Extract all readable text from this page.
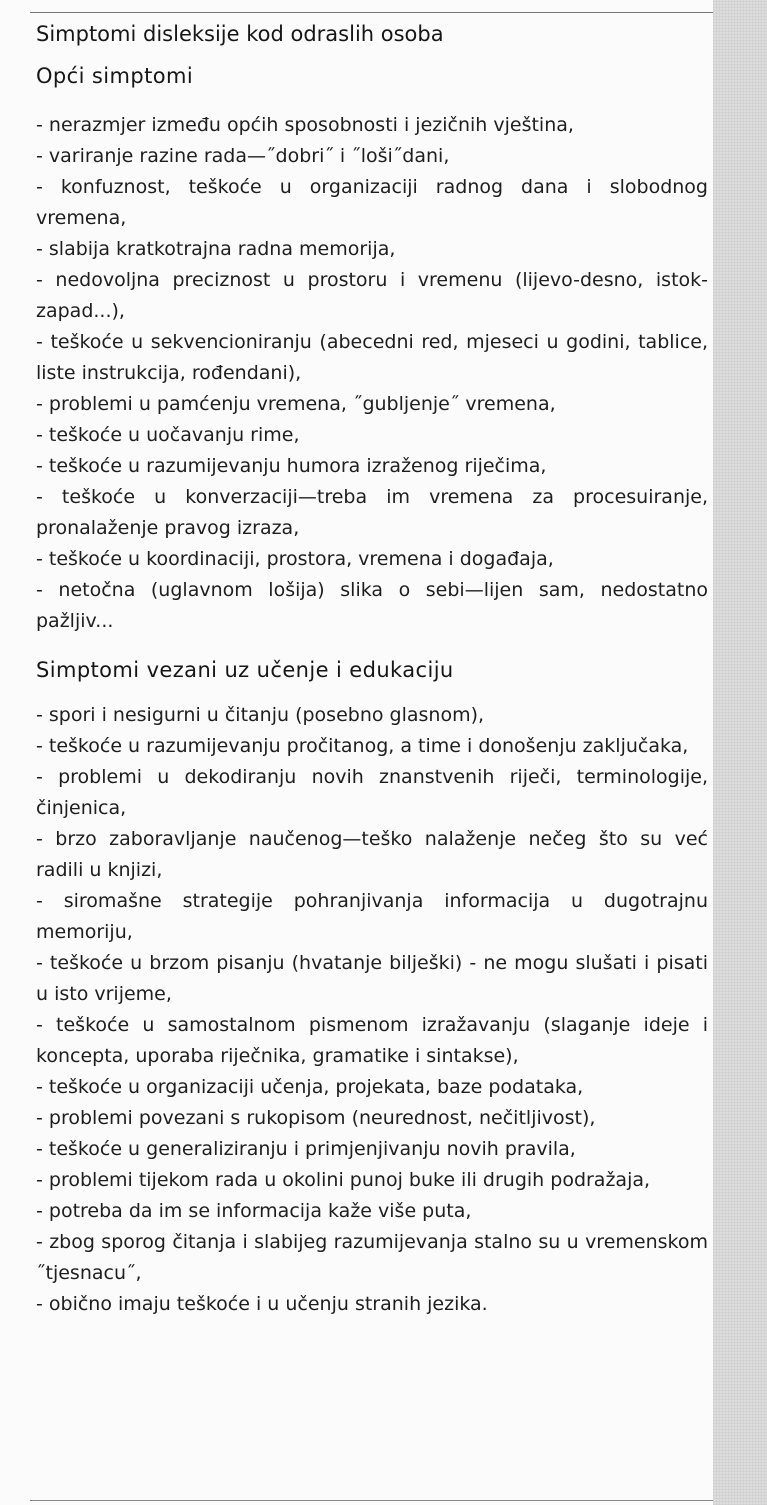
Simptomi disleksije kod odraslih osoba
Opći simptomi

- nerazmjer između općih sposobnosti i jezičnih vještina,

- variranje razine rada—˝dobri˝ i ˝loši˝dani,

- konfuznost, teškoće u organizaciji radnog dana i slobodnog vremena,

- slabija kratkotrajna radna memorija,

- nedovoljna preciznost u prostoru i vremenu (lijevo-desno, istok-zapad...),

- teškoće u sekvencioniranju (abecedni red, mjeseci u godini, tablice, liste instrukcija, rođendani),

- problemi u pamćenju vremena, ˝gubljenje˝ vremena,

- teškoće u uočavanju rime,

- teškoće u razumijevanju humora izraženog riječima,

- teškoće u konverzaciji—treba im vremena za procesuiranje, pronalaženje pravog izraza,

- teškoće u koordinaciji, prostora, vremena i događaja,

- netočna (uglavnom lošija) slika o sebi—lijen sam, nedostatno pažljiv...

Simptomi vezani uz učenje i edukaciju

- spori i nesigurni u čitanju (posebno glasnom),

- teškoće u razumijevanju pročitanog, a time i donošenju zaključaka,

- problemi u dekodiranju novih znanstvenih riječi, terminologije, činjenica,

- brzo zaboravljanje naučenog—teško nalaženje nečeg što su već radili u knjizi,

- siromašne strategije pohranjivanja informacija u dugotrajnu memoriju,

- teškoće u brzom pisanju (hvatanje bilješki) - ne mogu slušati i pisati u isto vrijeme,

- teškoće u samostalnom pismenom izražavanju (slaganje ideje i koncepta, uporaba riječnika, gramatike i sintakse),

- teškoće u organizaciji učenja, projekata, baze podataka,

- problemi povezani s rukopisom (neurednost, nečitljivost),

- teškoće u generaliziranju i primjenjivanju novih pravila,

- problemi tijekom rada u okolini punoj buke ili drugih podražaja,

- potreba da im se informacija kaže više puta,

- zbog sporog čitanja i slabijeg razumijevanja stalno su u vremenskom ˝tjesnacu˝,

- obično imaju teškoće i u učenju stranih jezika.
